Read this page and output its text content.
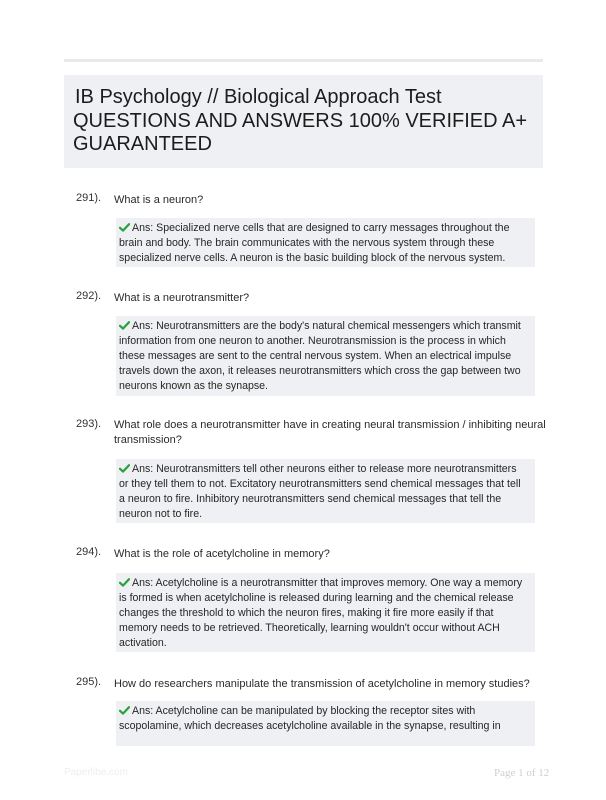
IB Psychology // Biological Approach Test
QUESTIONS AND ANSWERS 100% VERIFIED A+
GUARANTEED
291). What is a neuron?
Ans: Specialized nerve cells that are designed to carry messages throughout the
brain and body. The brain communicates with the nervous system through these
specialized nerve cells. A neuron is the basic building block of the nervous system.
292). What is a neurotransmitter?
Ans: Neurotransmitters are the body's natural chemical messengers which transmit
information from one neuron to another. Neurotransmission is the process in which
these messages are sent to the central nervous system. When an electrical impulse
travels down the axon, it releases neurotransmitters which cross the gap between two
neurons known as the synapse.
293). What role does a neurotransmitter have in creating neural transmission / inhibiting neural
transmission?
Ans: Neurotransmitters tell other neurons either to release more neurotransmitters
or they tell them to not. Excitatory neurotransmitters send chemical messages that tell
a neuron to fire. Inhibitory neurotransmitters send chemical messages that tell the
neuron not to fire.
294). What is the role of acetylcholine in memory?
Ans: Acetylcholine is a neurotransmitter that improves memory. One way a memory
is formed is when acetylcholine is released during learning and the chemical release
changes the threshold to which the neuron fires, making it fire more easily if that
memory needs to be retrieved. Theoretically, learning wouldn't occur without ACH
activation.
295). How do researchers manipulate the transmission of acetylcholine in memory studies?
Ans: Acetylcholine can be manipulated by blocking the receptor sites with
scopolamine, which decreases acetylcholine available in the synapse, resulting in
Paperlibe.com	Page 1 of 12
